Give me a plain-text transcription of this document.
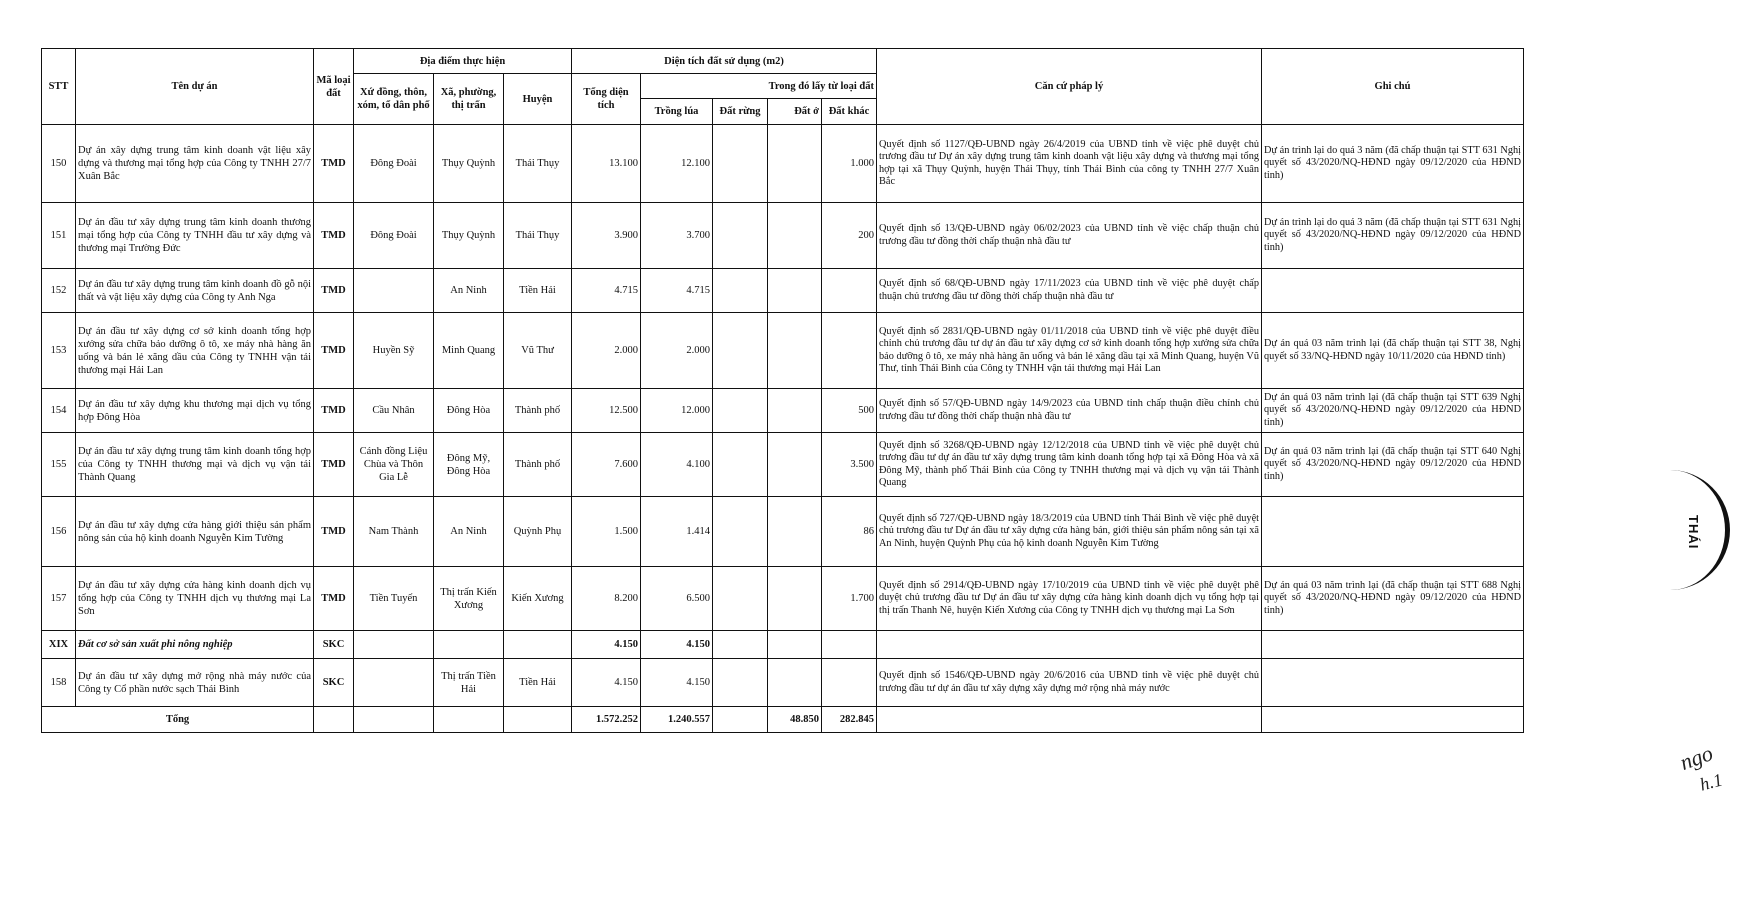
STT	Tên dự án	Mã loại đất	Địa điểm thực hiện			Diện tích đất sử dụng (m2)					Căn cứ pháp lý	Ghi chú
			Xứ đồng, thôn, xóm, tổ dân phố	Xã, phường, thị trấn	Huyện	Tổng diện tích	Trong đó lấy từ loại đất					
							Trồng lúa	Đất rừng	Đất ở	Đất khác		
150	Dự án xây dựng trung tâm kinh doanh vật liệu xây dựng và thương mại tổng hợp của Công ty TNHH 27/7 Xuân Bắc	TMD	Đông Đoài	Thụy Quỳnh	Thái Thụy	13.100	12.100			1.000	Quyết định số 1127/QĐ-UBND ngày 26/4/2019 của UBND tỉnh về việc phê duyệt chủ trương đầu tư Dự án xây dựng trung tâm kinh doanh vật liệu xây dựng và thương mại tổng hợp tại xã Thụy Quỳnh, huyện Thái Thụy, tỉnh Thái Bình của công ty TNHH 27/7 Xuân Bắc	Dự án trình lại do quá 3 năm (đã chấp thuận tại STT 631 Nghị quyết số 43/2020/NQ-HĐND ngày 09/12/2020 của HĐND tỉnh)
151	Dự án đầu tư xây dựng trung tâm kinh doanh thương mại tổng hợp của Công ty TNHH đầu tư xây dựng và thương mại Trường Đức	TMD	Đông Đoài	Thụy Quỳnh	Thái Thụy	3.900	3.700			200	Quyết định số 13/QĐ-UBND ngày 06/02/2023 của UBND tỉnh về việc chấp thuận chủ trương đầu tư đồng thời chấp thuận nhà đầu tư	Dự án trình lại do quá 3 năm (đã chấp thuận tại STT 631 Nghị quyết số 43/2020/NQ-HĐND ngày 09/12/2020 của HĐND tỉnh)
152	Dự án đầu tư xây dựng trung tâm kinh doanh đồ gỗ nội thất và vật liệu xây dựng của Công ty Anh Nga	TMD		An Ninh	Tiền Hải	4.715	4.715				Quyết định số 68/QĐ-UBND ngày 17/11/2023 của UBND tỉnh về việc phê duyệt chấp thuận chủ trương đầu tư đồng thời chấp thuận nhà đầu tư	
153	Dự án đầu tư xây dựng cơ sở kinh doanh tổng hợp xưởng sửa chữa bảo dưỡng ô tô, xe máy nhà hàng ăn uống và bán lẻ xăng dầu của Công ty TNHH vận tải thương mại Hải Lan	TMD	Huyền Sỹ	Minh Quang	Vũ Thư	2.000	2.000				Quyết định số 2831/QĐ-UBND ngày 01/11/2018 của UBND tỉnh về việc phê duyệt điều chỉnh chủ trương đầu tư dự án đầu tư xây dựng cơ sở kinh doanh tổng hợp xưởng sửa chữa bảo dưỡng ô tô, xe máy nhà hàng ăn uống và bán lẻ xăng dầu tại xã Minh Quang, huyện Vũ Thư, tỉnh Thái Bình của Công ty TNHH vận tải thương mại Hải Lan	Dự án quá 03 năm trình lại (đã chấp thuận tại STT 38, Nghị quyết số 33/NQ-HĐND ngày 10/11/2020 của HĐND tỉnh)
154	Dự án đầu tư xây dựng khu thương mại dịch vụ tổng hợp Đông Hòa	TMD	Cầu Nhân	Đông Hòa	Thành phố	12.500	12.000			500	Quyết định số 57/QĐ-UBND ngày 14/9/2023 của UBND tỉnh chấp thuận điều chỉnh chủ trương đầu tư đồng thời chấp thuận nhà đầu tư	Dự án quá 03 năm trình lại (đã chấp thuận tại STT 639 Nghị quyết số 43/2020/NQ-HĐND ngày 09/12/2020 của HĐND tỉnh)
155	Dự án đầu tư xây dựng trung tâm kinh doanh tổng hợp của Công ty TNHH thương mại và dịch vụ vận tải Thành Quang	TMD	Cánh đồng Liệu Chùa và Thôn Gia Lễ	Đông Mỹ, Đông Hòa	Thành phố	7.600	4.100			3.500	Quyết định số 3268/QĐ-UBND ngày 12/12/2018 của UBND tỉnh về việc phê duyệt chủ trương đầu tư dự án đầu tư xây dựng trung tâm kinh doanh tổng hợp tại xã Đông Hòa và xã Đông Mỹ, thành phố Thái Bình của Công ty TNHH thương mại và dịch vụ vận tải Thành Quang	Dự án quá 03 năm trình lại (đã chấp thuận tại STT 640 Nghị quyết số 43/2020/NQ-HĐND ngày 09/12/2020 của HĐND tỉnh)
156	Dự án đầu tư xây dựng cửa hàng giới thiệu sản phẩm nông sản của hộ kinh doanh Nguyễn Kim Tường	TMD	Nam Thành	An Ninh	Quỳnh Phụ	1.500	1.414			86	Quyết định số 727/QĐ-UBND ngày 18/3/2019 của UBND tỉnh Thái Bình về việc phê duyệt chủ trương đầu tư Dự án đầu tư xây dựng cửa hàng bán, giới thiệu sản phẩm nông sản tại xã An Ninh, huyện Quỳnh Phụ của hộ kinh doanh Nguyễn Kim Tường	
157	Dự án đầu tư xây dựng cửa hàng kinh doanh dịch vụ tổng hợp của Công ty TNHH dịch vụ thương mại La Sơn	TMD	Tiền Tuyến	Thị trấn Kiến Xương	Kiến Xương	8.200	6.500			1.700	Quyết định số 2914/QĐ-UBND ngày 17/10/2019 của UBND tỉnh về việc phê duyệt phê duyệt chủ trương đầu tư Dự án đầu tư xây dựng cửa hàng kinh doanh dịch vụ tổng hợp tại thị trấn Thanh Nê, huyện Kiến Xương của Công ty TNHH dịch vụ thương mại La Sơn	Dự án quá 03 năm trình lại (đã chấp thuận tại STT 688 Nghị quyết số 43/2020/NQ-HĐND ngày 09/12/2020 của HĐND tỉnh)
XIX	Đất cơ sở sản xuất phi nông nghiệp	SKC				4.150	4.150					
158	Dự án đầu tư xây dựng mở rộng nhà máy nước của Công ty Cổ phần nước sạch Thái Bình	SKC		Thị trấn Tiền Hải	Tiền Hải	4.150	4.150				Quyết định số 1546/QĐ-UBND ngày 20/6/2016 của UBND tỉnh về việc phê duyệt chủ trương đầu tư dự án đầu tư xây dựng xây dựng mở rộng nhà máy nước	
Tổng						1.572.252	1.240.557		48.850	282.845		
THÁI
ngo
h.1
